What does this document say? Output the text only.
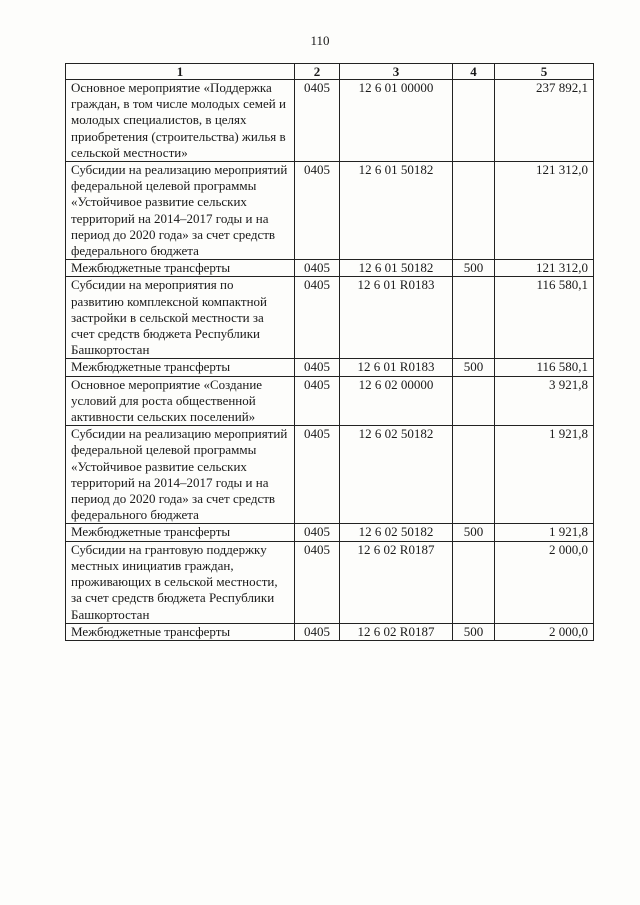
110
1	2	3	4	5
Основное мероприятие «Поддержка граждан, в том числе молодых семей и молодых специалистов, в целях приобретения (строительства) жилья в сельской местности»	0405	12 6 01 00000		237 892,1
Субсидии на реализацию мероприятий федеральной целевой программы «Устойчивое развитие сельских территорий на 2014–2017 годы и на период до 2020 года» за счет средств федерального бюджета	0405	12 6 01 50182		121 312,0
Межбюджетные трансферты	0405	12 6 01 50182	500	121 312,0
Субсидии на мероприятия по развитию комплексной компактной застройки в сельской местности за счет средств бюджета Республики Башкортостан	0405	12 6 01 R0183		116 580,1
Межбюджетные трансферты	0405	12 6 01 R0183	500	116 580,1
Основное мероприятие «Создание условий для роста общественной активности сельских поселений»	0405	12 6 02 00000		3 921,8
Субсидии на реализацию мероприятий федеральной целевой программы «Устойчивое развитие сельских территорий на 2014–2017 годы и на период до 2020 года» за счет средств федерального бюджета	0405	12 6 02 50182		1 921,8
Межбюджетные трансферты	0405	12 6 02 50182	500	1 921,8
Субсидии на грантовую поддержку местных инициатив граждан, проживающих в сельской местности, за счет средств бюджета Республики Башкортостан	0405	12 6 02 R0187		2 000,0
Межбюджетные трансферты	0405	12 6 02 R0187	500	2 000,0
